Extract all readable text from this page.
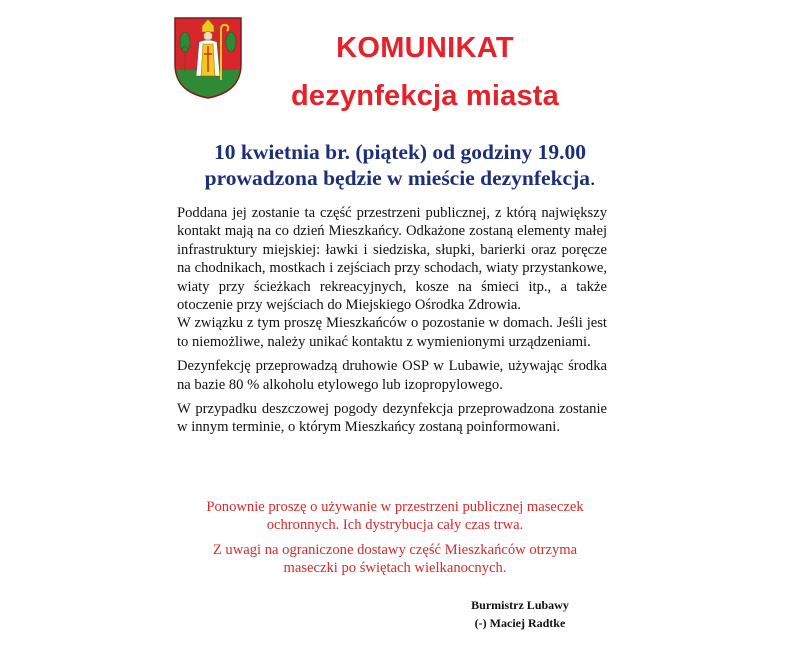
KOMUNIKAT
dezynfekcja miasta
10 kwietnia br. (piątek) od godziny 19.00
prowadzona będzie w mieście dezynfekcja.

Poddana jej zostanie ta część przestrzeni publicznej, z którą największy kontakt mają na co dzień Mieszkańcy. Odkażone zostaną elementy małej infrastruktury miejskiej: ławki i siedziska, słupki, barierki oraz poręcze na chodnikach, mostkach i zejściach przy schodach, wiaty przystankowe, wiaty przy ścieżkach rekreacyjnych, kosze na śmieci itp., a także otoczenie przy wejściach do Miejskiego Ośrodka Zdrowia.

W związku z tym proszę Mieszkańców o pozostanie w domach. Jeśli jest to niemożliwe, należy unikać kontaktu z wymienionymi urządzeniami.

Dezynfekcję przeprowadzą druhowie OSP w Lubawie, używając środka na bazie 80 % alkoholu etylowego lub izopropylowego.

W przypadku deszczowej pogody dezynfekcja przeprowadzona zostanie w innym terminie, o którym Mieszkańcy zostaną poinformowani.

Ponownie proszę o używanie w przestrzeni publicznej maseczek
ochronnych. Ich dystrybucja cały czas trwa.
Z uwagi na ograniczone dostawy część Mieszkańców otrzyma
maseczki po świętach wielkanocnych.
Burmistrz Lubawy
(-) Maciej Radtke
